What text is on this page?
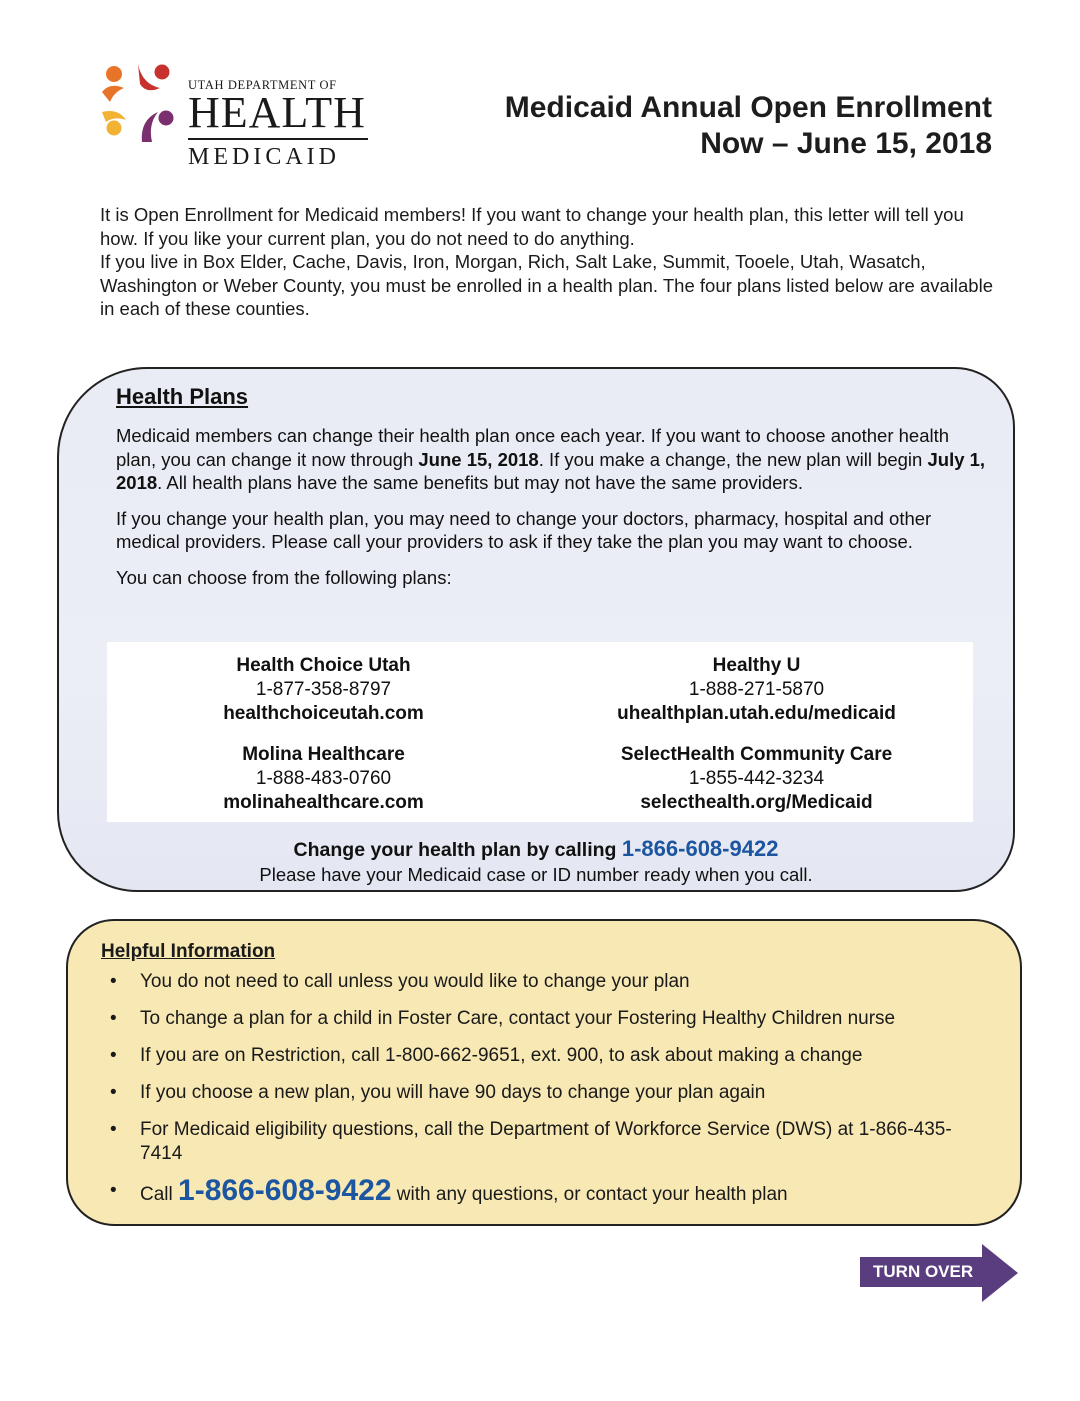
UTAH DEPARTMENT OF
HEALTH
MEDICAID
Medicaid Annual Open Enrollment
Now – June 15, 2018

It is Open Enrollment for Medicaid members! If you want to change your health plan, this letter will tell you how. If you like your current plan, you do not need to do anything.

If you live in Box Elder, Cache, Davis, Iron, Morgan, Rich, Salt Lake, Summit, Tooele, Utah, Wasatch, Washington or Weber County, you must be enrolled in a health plan. The four plans listed below are available in each of these counties.

Health Plans

Medicaid members can change their health plan once each year. If you want to choose another health plan, you can change it now through June 15, 2018. If you make a change, the new plan will begin July 1, 2018. All health plans have the same benefits but may not have the same providers.

If you change your health plan, you may need to change your doctors, pharmacy, hospital and other medical providers. Please call your providers to ask if they take the plan you may want to choose.

You can choose from the following plans:

Health Choice Utah
1-877-358-8797
healthchoiceutah.com
Healthy U
1-888-271-5870
uhealthplan.utah.edu/medicaid
Molina Healthcare
1-888-483-0760
molinahealthcare.com
SelectHealth Community Care
1-855-442-3234
selecthealth.org/Medicaid
Change your health plan by calling 1-866-608-9422
Please have your Medicaid case or ID number ready when you call.
Helpful Information
• You do not need to call unless you would like to change your plan
• To change a plan for a child in Foster Care, contact your Fostering Healthy Children nurse
• If you are on Restriction, call 1-800-662-9651, ext. 900, to ask about making a change
• If you choose a new plan, you will have 90 days to change your plan again
• For Medicaid eligibility questions, call the Department of Workforce Service (DWS) at 1-866-435-7414
• Call 1-866-608-9422 with any questions, or contact your health plan
TURN OVER
